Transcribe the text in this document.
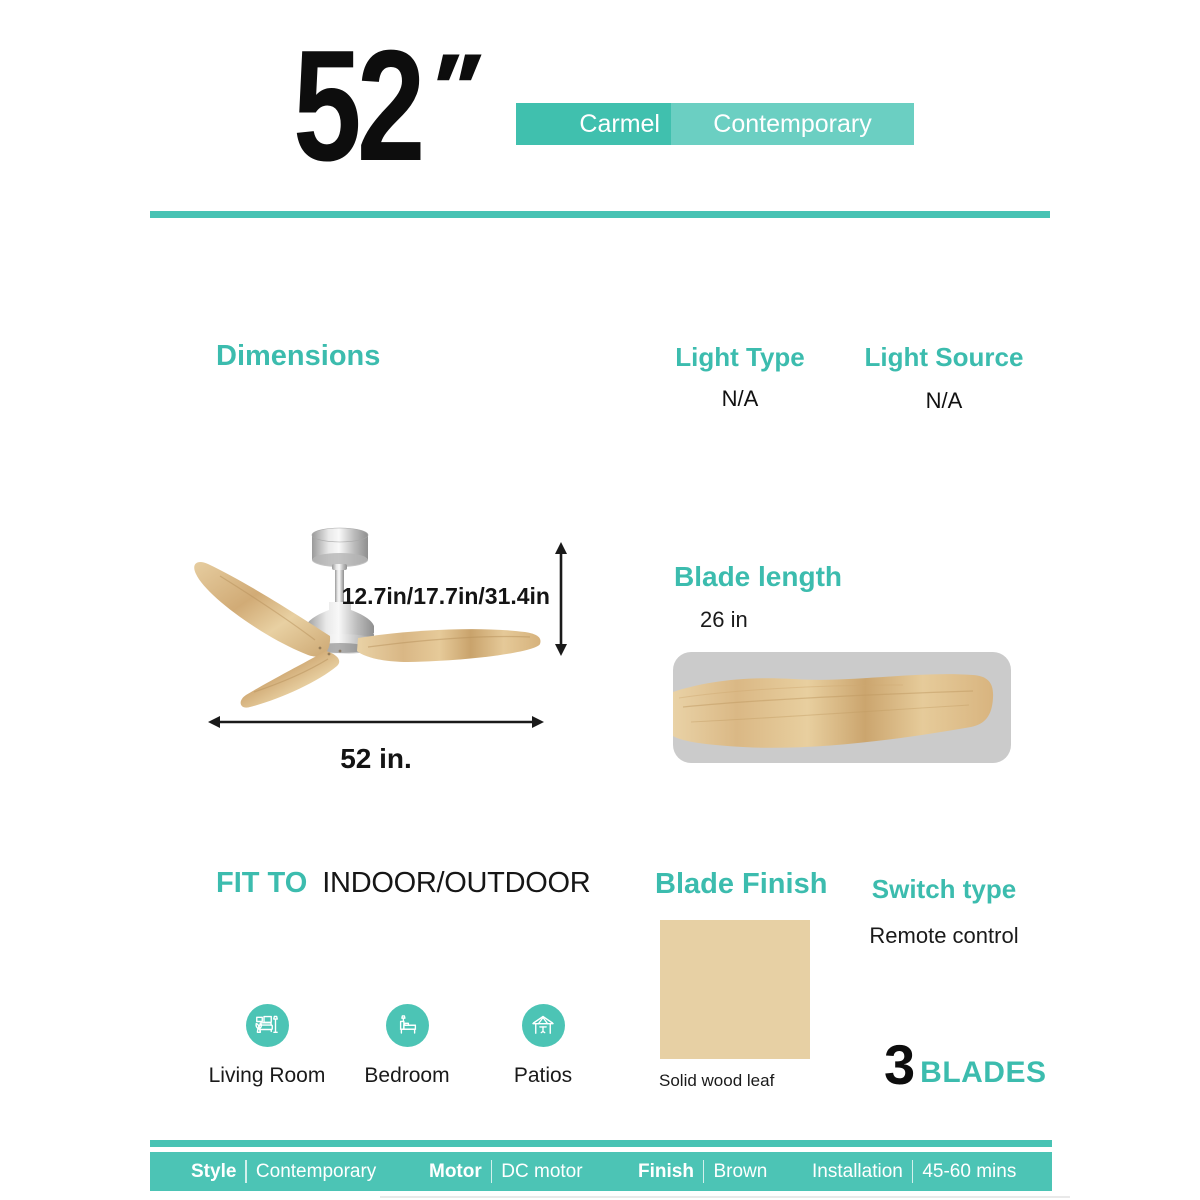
52 ″	Carmel	Contemporary
Dimensions	Light Type
N/A
Light Source
N/A
12.7in/17.7in/31.4in
52 in.
Blade length
26 in
FIT TO INDOOR/OUTDOOR
Living Room Bedroom	Patios
Blade Finish
Solid wood leaf
Switch type
Remote control
3 BLADES
Style Contemporary	Motor DC motor	Finish Brown Installation 45-60 mins
